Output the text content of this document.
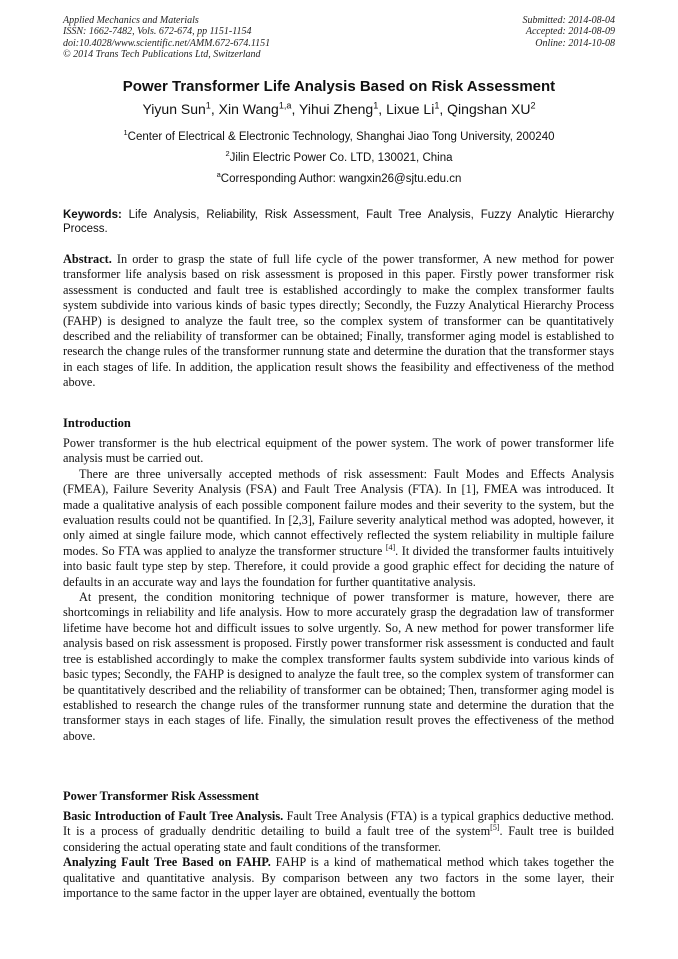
Applied Mechanics and Materials
ISSN: 1662-7482, Vols. 672-674, pp 1151-1154
doi:10.4028/www.scientific.net/AMM.672-674.1151
© 2014 Trans Tech Publications Ltd, Switzerland
Submitted: 2014-08-04
Accepted: 2014-08-09
Online: 2014-10-08
Power Transformer Life Analysis Based on Risk Assessment
Yiyun Sun$^1$, Xin Wang$^{1,a}$, Yihui Zheng$^1$, Lixue Li$^1$, Qingshan $XU^2$
$^1$Center of Electrical & Electronic Technology, Shanghai Jiao Tong University, 200240
$^2$Jilin Electric Power Co. LTD, 130021, China
$^a$Corresponding Author: wangxin26@sjtu.edu.cn
Keywords: Life Analysis, Reliability, Risk Assessment, Fault Tree Analysis, Fuzzy Analytic Hierarchy Process.

Abstract. In order to grasp the state of full life cycle of the power transformer, A new method for power transformer life analysis based on risk assessment is proposed in this paper. Firstly power transformer risk assessment is conducted and fault tree is established accordingly to make the complex transformer faults system subdivide into various kinds of basic types directly; Secondly, the Fuzzy Analytical Hierarchy Process (FAHP) is designed to analyze the fault tree, so the complex system of transformer can be quantitatively described and the reliability of transformer can be obtained; Finally, transformer aging model is established to research the change rules of the transformer runnung state and determine the duration that the transformer stays in each stages of life. In addition, the application result shows the feasibility and effectiveness of the method above.

Introduction

Power transformer is the hub electrical equipment of the power system. The work of power transformer life analysis must be carried out.

There are three universally accepted methods of risk assessment: Fault Modes and Effects Analysis (FMEA), Failure Severity Analysis (FSA) and Fault Tree Analysis (FTA). In [1], FMEA was introduced. It made a qualitative analysis of each possible component failure modes and their severity to the system, but the evaluation results could not be quantified. In [2,3], Failure severity analytical method was adopted, however, it only aimed at single failure mode, which cannot effectively reflected the system reliability in multiple failure modes. So FTA was applied to analyze the transformer structure [4]. It divided the transformer faults intuitively into basic fault type step by step. Therefore, it could provide a good graphic effect for deciding the nature of defaults in an accurate way and lays the foundation for further quantitative analysis.

At present, the condition monitoring technique of power transformer is mature, however, there are shortcomings in reliability and life analysis. How to more accurately grasp the degradation law of transformer lifetime have become hot and difficult issues to solve urgently. So, A new method for power transformer life analysis based on risk assessment is proposed. Firstly power transformer risk assessment is conducted and fault tree is established accordingly to make the complex transformer faults system subdivide into various kinds of basic types; Secondly, the FAHP is designed to analyze the fault tree, so the complex system of transformer can be quantitatively described and the reliability of transformer can be obtained; Then, transformer aging model is established to research the change rules of the transformer runnung state and determine the duration that the transformer stays in each stages of life. Finally, the simulation result proves the effectiveness of the method above.

Power Transformer Risk Assessment

Basic Introduction of Fault Tree Analysis. Fault Tree Analysis (FTA) is a typical graphics deductive method. It is a process of gradually dendritic detailing to build a fault tree of the system[5]. Fault tree is builded considering the actual operating state and fault conditions of the transformer.

Analyzing Fault Tree Based on FAHP. FAHP is a kind of mathematical method which takes together the qualitative and quantitative analysis. By comparison between any two factors in the some layer, their importance to the same factor in the upper layer are obtained, eventually the bottom
